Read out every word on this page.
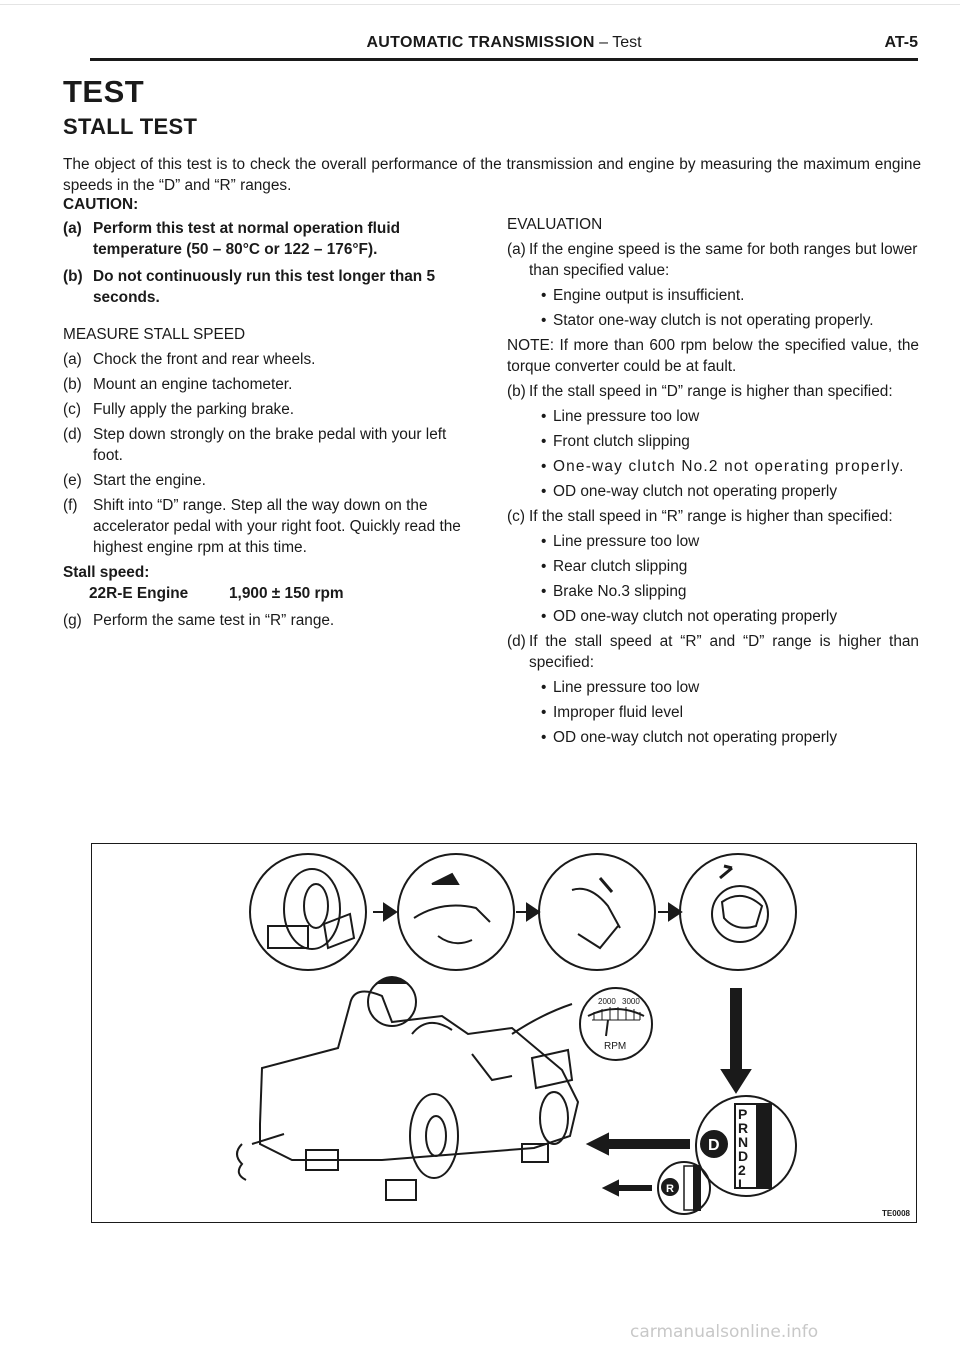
AUTOMATIC TRANSMISSION – Test	AT-5
TEST
STALL TEST
The object of this test is to check the overall performance of the transmission and engine by measuring the maximum engine speeds in the “D” and “R” ranges.
CAUTION:
(a) Perform this test at normal operation fluid temperature (50 – 80°C or 122 – 176°F).
(b) Do not continuously run this test longer than 5 seconds.
MEASURE STALL SPEED
(a) Chock the front and rear wheels.
(b) Mount an engine tachometer.
(c) Fully apply the parking brake.
(d) Step down strongly on the brake pedal with your left foot.
(e) Start the engine.
(f)	Shift into “D” range. Step all the way down on the accelerator pedal with your right foot. Quickly read the highest engine rpm at this time.
Stall speed:
22R-E Engine	1,900 ± 150 rpm
(g) Perform the same test in “R” range.
EVALUATION
(a) If the engine speed is the same for both ranges but lower than specified value:
• Engine output is insufficient.
• Stator one-way clutch is not operating properly.
NOTE: If more than 600 rpm below the specified value, the torque converter could be at fault.
(b) If the stall speed in “D” range is higher than specified:
• Line pressure too low
• Front clutch slipping
• One-way clutch No.2 not operating properly.
• OD one-way clutch not operating properly
(c) If the stall speed in “R” range is higher than specified:
• Line pressure too low
• Rear clutch slipping
• Brake No.3 slipping
• OD one-way clutch not operating properly
(d) If the stall speed at “R” and “D” range is higher than specified:
• Line pressure too low
• Improper fluid level
• OD one-way clutch not operating properly
2000 3000
RPM
P
R
N
D
2
L
D
R
TE0008
carmanualsonline.info
